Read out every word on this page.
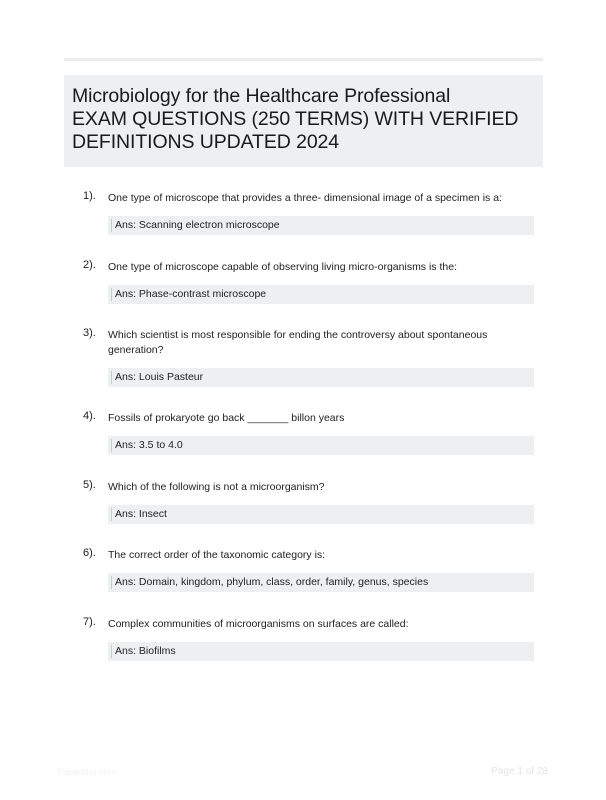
Microbiology for the Healthcare Professional
EXAM QUESTIONS (250 TERMS) WITH VERIFIED
DEFINITIONS UPDATED 2024
1). One type of microscope that provides a three- dimensional image of a specimen is a:
Ans: Scanning electron microscope
2). One type of microscope capable of observing living micro-organisms is the:
Ans: Phase-contrast microscope
3). Which scientist is most responsible for ending the controversy about spontaneous generation?
Ans: Louis Pasteur
4). Fossils of prokaryote go back _______ billon years
Ans: 3.5 to 4.0
5). Which of the following is not a microorganism?
Ans: Insect
6). The correct order of the taxonomic category is:
Ans: Domain, kingdom, phylum, class, order, family, genus, species
7). Complex communities of microorganisms on surfaces are called:
Ans: Biofilms
Papertibo.com	Page 1 of 28
